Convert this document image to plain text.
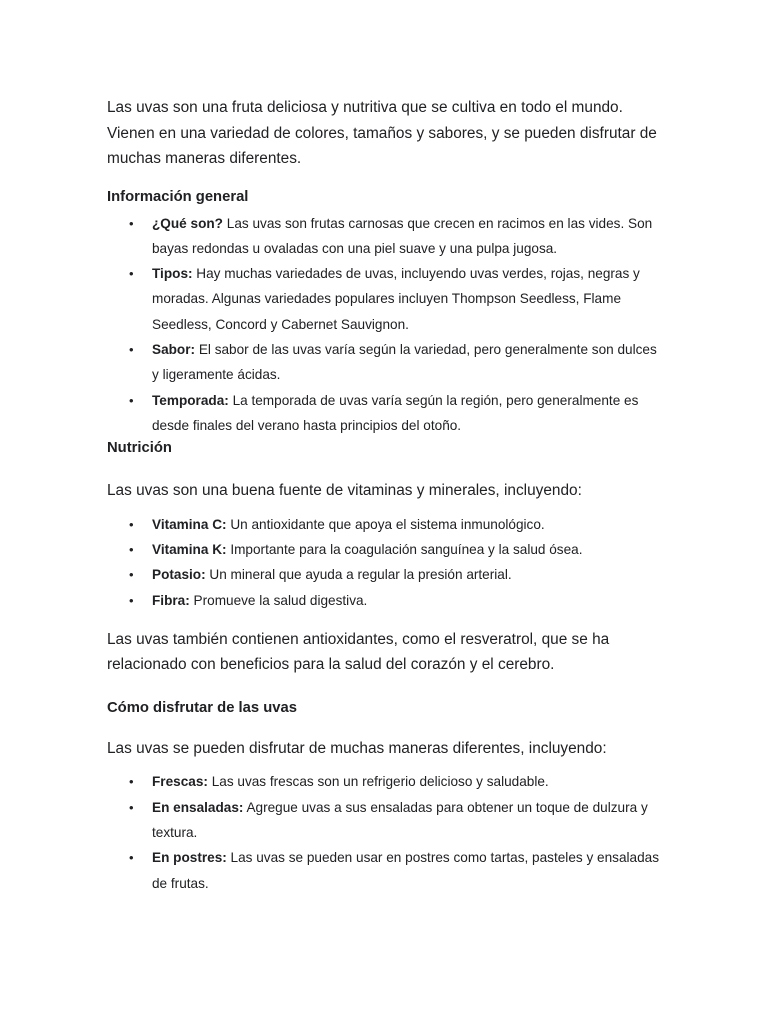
Las uvas son una fruta deliciosa y nutritiva que se cultiva en todo el mundo. Vienen en una variedad de colores, tamaños y sabores, y se pueden disfrutar de muchas maneras diferentes.

Información general
• ¿Qué son? Las uvas son frutas carnosas que crecen en racimos en las vides. Son bayas redondas u ovaladas con una piel suave y una pulpa jugosa.
• Tipos: Hay muchas variedades de uvas, incluyendo uvas verdes, rojas, negras y moradas. Algunas variedades populares incluyen Thompson Seedless, Flame Seedless, Concord y Cabernet Sauvignon.
• Sabor: El sabor de las uvas varía según la variedad, pero generalmente son dulces y ligeramente ácidas.
• Temporada: La temporada de uvas varía según la región, pero generalmente es desde finales del verano hasta principios del otoño.
Nutrición

Las uvas son una buena fuente de vitaminas y minerales, incluyendo:

• Vitamina C: Un antioxidante que apoya el sistema inmunológico.
• Vitamina K: Importante para la coagulación sanguínea y la salud ósea.
• Potasio: Un mineral que ayuda a regular la presión arterial.
• Fibra: Promueve la salud digestiva.

Las uvas también contienen antioxidantes, como el resveratrol, que se ha relacionado con beneficios para la salud del corazón y el cerebro.

Cómo disfrutar de las uvas

Las uvas se pueden disfrutar de muchas maneras diferentes, incluyendo:

• Frescas: Las uvas frescas son un refrigerio delicioso y saludable.
• En ensaladas: Agregue uvas a sus ensaladas para obtener un toque de dulzura y textura.
• En postres: Las uvas se pueden usar en postres como tartas, pasteles y ensaladas de frutas.
